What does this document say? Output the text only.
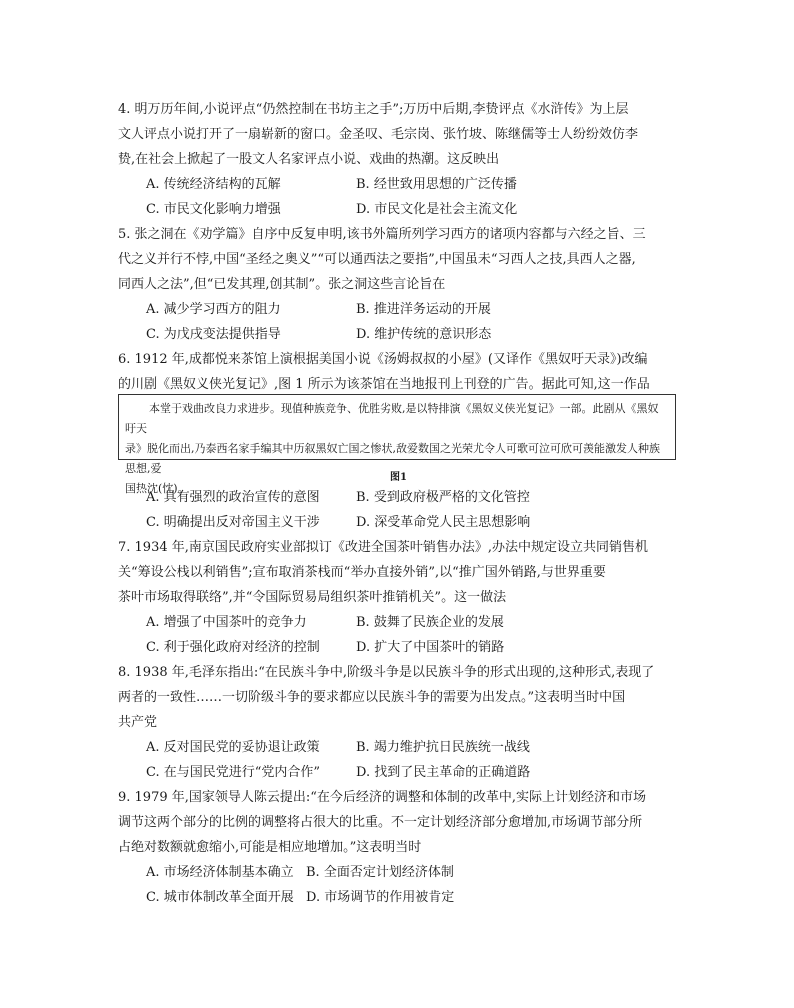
4. 明万历年间,小说评点“仍然控制在书坊主之手”;万历中后期,李贽评点《水浒传》为上层
文人评点小说打开了一扇崭新的窗口。金圣叹、毛宗岗、张竹坡、陈继儒等士人纷纷效仿李
贽,在社会上掀起了一股文人名家评点小说、戏曲的热潮。这反映出
A. 传统经济结构的瓦解	B. 经世致用思想的广泛传播
C. 市民文化影响力增强	D. 市民文化是社会主流文化
5. 张之洞在《劝学篇》自序中反复申明,该书外篇所列学习西方的诸项内容都与六经之旨、三
代之义并行不悖,中国“圣经之奥义”“可以通西法之要指”,中国虽未“习西人之技,具西人之器,
同西人之法”,但“已发其理,创其制”。张之洞这些言论旨在
A. 减少学习西方的阻力	B. 推进洋务运动的开展
C. 为戊戌变法提供指导	D. 维护传统的意识形态
6. 1912 年,成都悦来茶馆上演根据美国小说《汤姆叔叔的小屋》(又译作《黑奴吁天录》)改编
的川剧《黑奴义侠光复记》,图 1 所示为该茶馆在当地报刊上刊登的广告。据此可知,这一作品
本堂于戏曲改良力求进步。现值种族竞争、优胜劣败,是以特排演《黑奴义侠光复记》一部。此剧从《黑奴吁天
录》脱化而出,乃泰西名家手编其中历叙黑奴亡国之惨状,敌爱数国之光荣尤令人可歌可泣可欣可羡能激发人种族思想,爱
国热沈(忱)。
图1
A. 具有强烈的政治宣传的意图	B. 受到政府极严格的文化管控
C. 明确提出反对帝国主义干涉	D. 深受革命党人民主思想影响
7. 1934 年,南京国民政府实业部拟订《改进全国茶叶销售办法》,办法中规定设立共同销售机
关“筹设公栈以利销售”;宣布取消茶栈而“举办直接外销”,以“推广国外销路,与世界重要
茶叶市场取得联络”,并“令国际贸易局组织茶叶推销机关”。这一做法
A. 增强了中国茶叶的竞争力	B. 鼓舞了民族企业的发展
C. 利于强化政府对经济的控制	D. 扩大了中国茶叶的销路
8. 1938 年,毛泽东指出:“在民族斗争中,阶级斗争是以民族斗争的形式出现的,这种形式,表现了
两者的一致性……一切阶级斗争的要求都应以民族斗争的需要为出发点。”这表明当时中国
共产党
A. 反对国民党的妥协退让政策	B. 竭力维护抗日民族统一战线
C. 在与国民党进行“党内合作”	D. 找到了民主革命的正确道路
9. 1979 年,国家领导人陈云提出:“在今后经济的调整和体制的改革中,实际上计划经济和市场
调节这两个部分的比例的调整将占很大的比重。不一定计划经济部分愈增加,市场调节部分所
占绝对数额就愈缩小,可能是相应地增加。”这表明当时
A. 市场经济体制基本确立 B. 全面否定计划经济体制
C. 城市体制改革全面开展 D. 市场调节的作用被肯定
